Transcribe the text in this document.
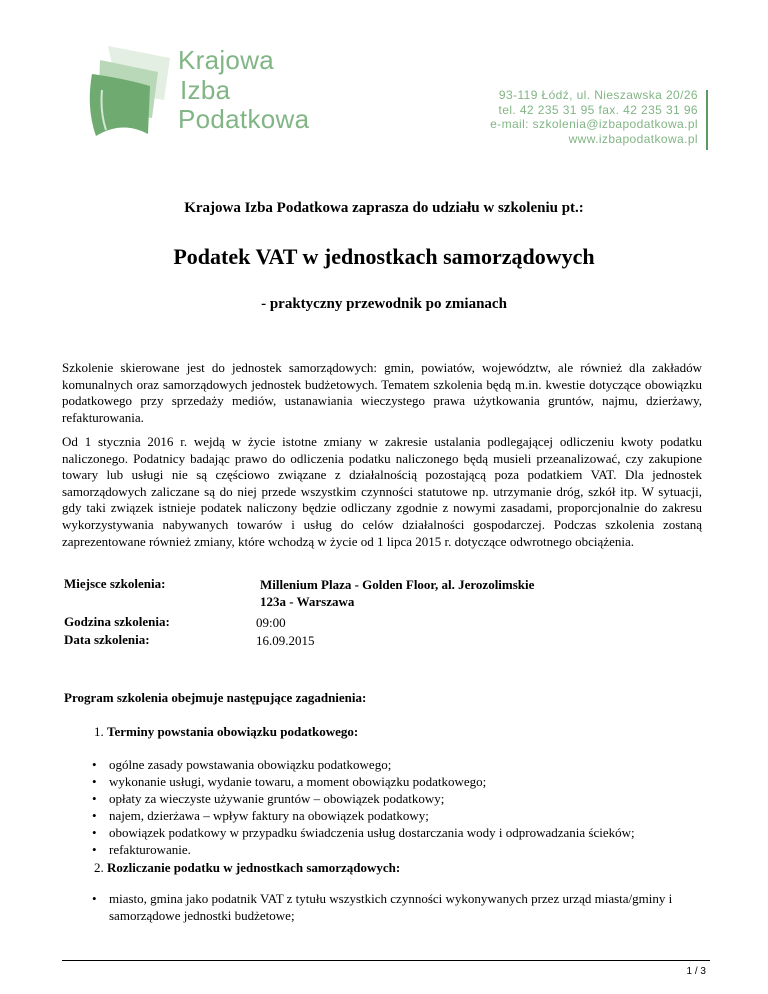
Krajowa
Izba
Podatkowa
93-119 Łódź, ul. Nieszawska 20/26
tel. 42 235 31 95 fax. 42 235 31 96
e-mail: szkolenia@izbapodatkowa.pl
www.izbapodatkowa.pl
Krajowa Izba Podatkowa zaprasza do udziału w szkoleniu pt.:
Podatek VAT w jednostkach samorządowych
- praktyczny przewodnik po zmianach
Szkolenie skierowane jest do jednostek samorządowych: gmin, powiatów, województw, ale również dla zakładów komunalnych oraz samorządowych jednostek budżetowych. Tematem szkolenia będą m.in. kwestie dotyczące obowiązku podatkowego przy sprzedaży mediów, ustanawiania wieczystego prawa użytkowania gruntów, najmu, dzierżawy, refakturowania.
Od 1 stycznia 2016 r. wejdą w życie istotne zmiany w zakresie ustalania podlegającej odliczeniu kwoty podatku naliczonego. Podatnicy badając prawo do odliczenia podatku naliczonego będą musieli przeanalizować, czy zakupione towary lub usługi nie są częściowo związane z działalnością pozostającą poza podatkiem VAT. Dla jednostek samorządowych zaliczane są do niej przede wszystkim czynności statutowe np. utrzymanie dróg, szkół itp. W sytuacji, gdy taki związek istnieje podatek naliczony będzie odliczany zgodnie z nowymi zasadami, proporcjonalnie do zakresu wykorzystywania nabywanych towarów i usług do celów działalności gospodarczej. Podczas szkolenia zostaną zaprezentowane również zmiany, które wchodzą w życie od 1 lipca 2015 r. dotyczące odwrotnego obciążenia.
Miejsce szkolenia:	Millenium Plaza - Golden Floor, al. Jerozolimskie
123a - Warszawa
Godzina szkolenia:	09:00
Data szkolenia:	16.09.2015
Program szkolenia obejmuje następujące zagadnienia:
1. Terminy powstania obowiązku podatkowego:
• ogólne zasady powstawania obowiązku podatkowego;
• wykonanie usługi, wydanie towaru, a moment obowiązku podatkowego;
• opłaty za wieczyste używanie gruntów – obowiązek podatkowy;
• najem, dzierżawa – wpływ faktury na obowiązek podatkowy;
• obowiązek podatkowy w przypadku świadczenia usług dostarczania wody i odprowadzania ścieków;
• refakturowanie.
2. Rozliczanie podatku w jednostkach samorządowych:
• miasto, gmina jako podatnik VAT z tytułu wszystkich czynności wykonywanych przez urząd miasta/gminy i samorządowe jednostki budżetowe;
1 / 3
